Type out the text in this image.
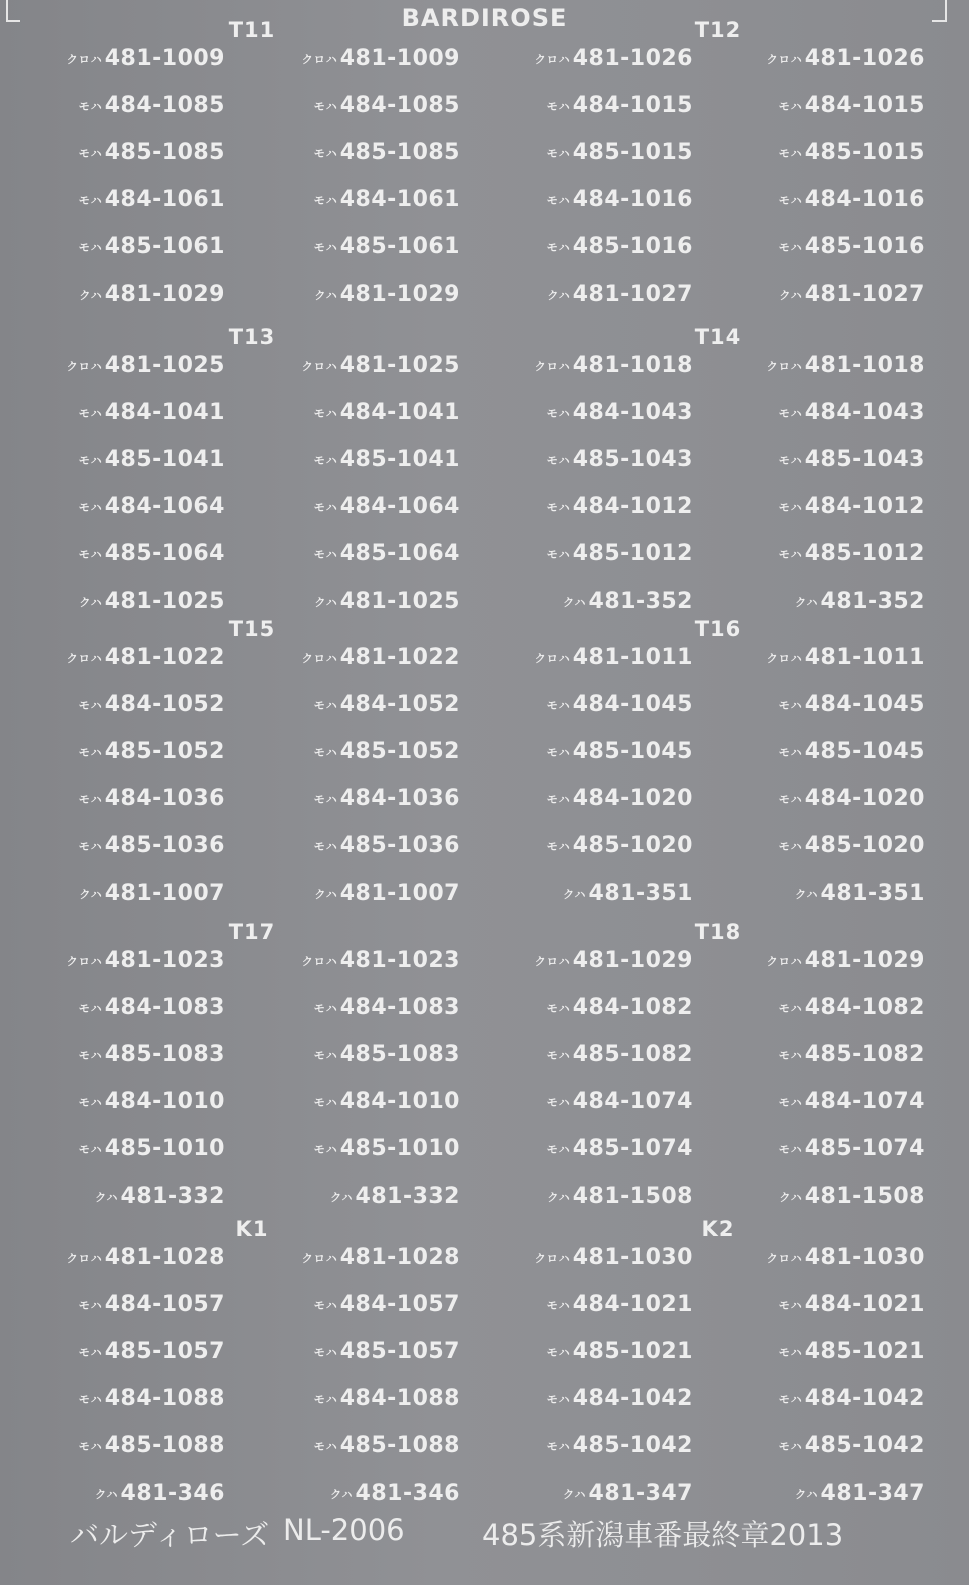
BARDIROSE
T11	T12
クロハ481-1009	クロハ481-1009	クロハ481-1026	クロハ481-1026
モハ484-1085	モハ484-1085	モハ484-1015	モハ484-1015
モハ485-1085	モハ485-1085	モハ485-1015	モハ485-1015
モハ484-1061	モハ484-1061	モハ484-1016	モハ484-1016
モハ485-1061	モハ485-1061	モハ485-1016	モハ485-1016
クハ481-1029	クハ481-1029	クハ481-1027	クハ481-1027
T13	T14
クロハ481-1025	クロハ481-1025	クロハ481-1018	クロハ481-1018
モハ484-1041	モハ484-1041	モハ484-1043	モハ484-1043
モハ485-1041	モハ485-1041	モハ485-1043	モハ485-1043
モハ484-1064	モハ484-1064	モハ484-1012	モハ484-1012
モハ485-1064	モハ485-1064	モハ485-1012	モハ485-1012
クハ481-1025	クハ481-1025	クハ481-352	クハ481-352
T15	T16
クロハ481-1022	クロハ481-1022	クロハ481-1011	クロハ481-1011
モハ484-1052	モハ484-1052	モハ484-1045	モハ484-1045
モハ485-1052	モハ485-1052	モハ485-1045	モハ485-1045
モハ484-1036	モハ484-1036	モハ484-1020	モハ484-1020
モハ485-1036	モハ485-1036	モハ485-1020	モハ485-1020
クハ481-1007	クハ481-1007	クハ481-351	クハ481-351
T17	T18
クロハ481-1023	クロハ481-1023	クロハ481-1029	クロハ481-1029
モハ484-1083	モハ484-1083	モハ484-1082	モハ484-1082
モハ485-1083	モハ485-1083	モハ485-1082	モハ485-1082
モハ484-1010	モハ484-1010	モハ484-1074	モハ484-1074
モハ485-1010	モハ485-1010	モハ485-1074	モハ485-1074
クハ481-332	クハ481-332	クハ481-1508	クハ481-1508
K1	K2
クロハ481-1028	クロハ481-1028	クロハ481-1030	クロハ481-1030
モハ484-1057	モハ484-1057	モハ484-1021	モハ484-1021
モハ485-1057	モハ485-1057	モハ485-1021	モハ485-1021
モハ484-1088	モハ484-1088	モハ484-1042	モハ484-1042
モハ485-1088	モハ485-1088	モハ485-1042	モハ485-1042
クハ481-346	クハ481-346	クハ481-347	クハ481-347
バルディローズ NL-2006	485系新潟車番最終章2013
